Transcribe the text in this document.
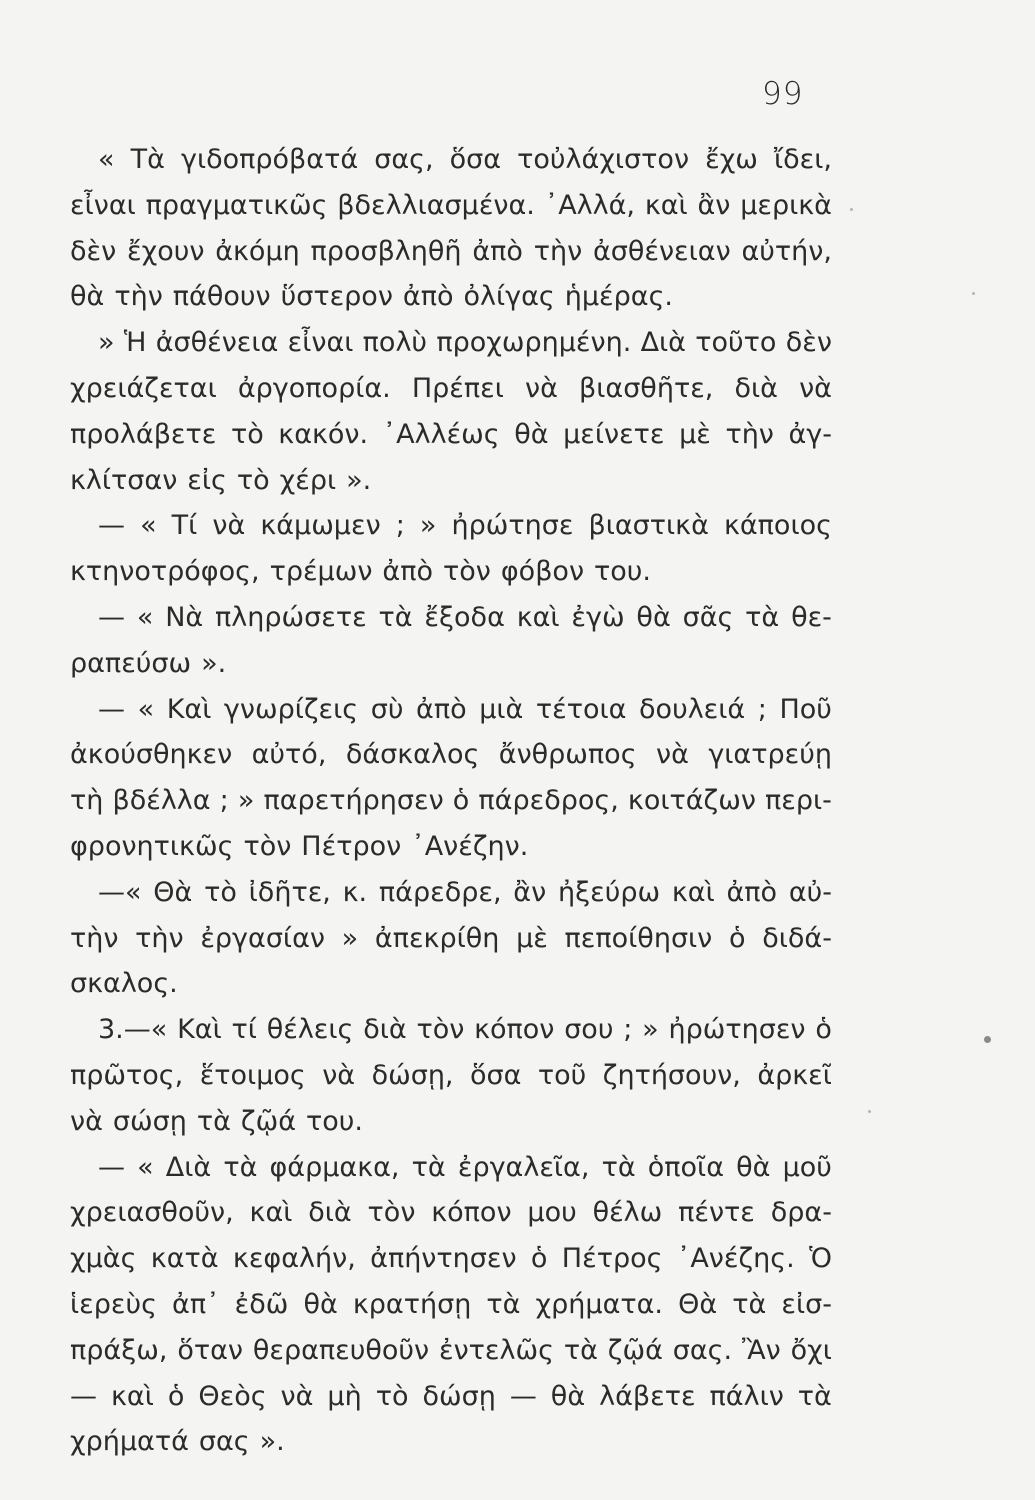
99
« Τὰ γιδοπρόβατά σας, ὅσα τοὐλάχιστον ἔχω ἴδει,
εἶναι πραγματικῶς βδελλιασμένα. ᾿Αλλά, καὶ ἂν μερικὰ
δὲν ἔχουν ἀκόμη προσβληθῆ ἀπὸ τὴν ἀσθένειαν αὐτήν,
θὰ τὴν πάθουν ὕστερον ἀπὸ ὀλίγας ἡμέρας.
» Ἡ ἀσθένεια εἶναι πολὺ προχωρημένη. Διὰ τοῦτο δὲν
χρειάζεται ἀργοπορία. Πρέπει νὰ βιασθῆτε, διὰ νὰ
προλάβετε τὸ κακόν. ᾿Αλλέως θὰ μείνετε μὲ τὴν ἀγ-
κλίτσαν εἰς τὸ χέρι ».
— « Τί νὰ κάμωμεν ; » ἠρώτησε βιαστικὰ κάποιος
κτηνοτρόφος, τρέμων ἀπὸ τὸν φόβον του.
— « Νὰ πληρώσετε τὰ ἔξοδα καὶ ἐγὼ θὰ σᾶς τὰ θε-
ραπεύσω ».
— « Καὶ γνωρίζεις σὺ ἀπὸ μιὰ τέτοια δουλειά ; Ποῦ
ἀκούσθηκεν αὐτό, δάσκαλος ἄνθρωπος νὰ γιατρεύῃ
τὴ βδέλλα ; » παρετήρησεν ὁ πάρεδρος, κοιτάζων περι-
φρονητικῶς τὸν Πέτρον ᾿Ανέζην.
—« Θὰ τὸ ἰδῆτε, κ. πάρεδρε, ἂν ἠξεύρω καὶ ἀπὸ αὐ-
τὴν τὴν ἐργασίαν » ἀπεκρίθη μὲ πεποίθησιν ὁ διδά-
σκαλος.
3.—« Καὶ τί θέλεις διὰ τὸν κόπον σου ; » ἠρώτησεν ὁ
πρῶτος, ἕτοιμος νὰ δώσῃ, ὅσα τοῦ ζητήσουν, ἀρκεῖ
νὰ σώσῃ τὰ ζῷά του.
— « Διὰ τὰ φάρμακα, τὰ ἐργαλεῖα, τὰ ὁποῖα θὰ μοῦ
χρειασθοῦν, καὶ διὰ τὸν κόπον μου θέλω πέντε δρα-
χμὰς κατὰ κεφαλήν, ἀπήντησεν ὁ Πέτρος ᾿Ανέζης. Ὁ
ἱερεὺς ἀπ᾿ ἐδῶ θὰ κρατήσῃ τὰ χρήματα. Θὰ τὰ εἰσ-
πράξω, ὅταν θεραπευθοῦν ἐντελῶς τὰ ζῷά σας. Ἂν ὄχι
— καὶ ὁ Θεὸς νὰ μὴ τὸ δώσῃ — θὰ λάβετε πάλιν τὰ
χρήματά σας ».
